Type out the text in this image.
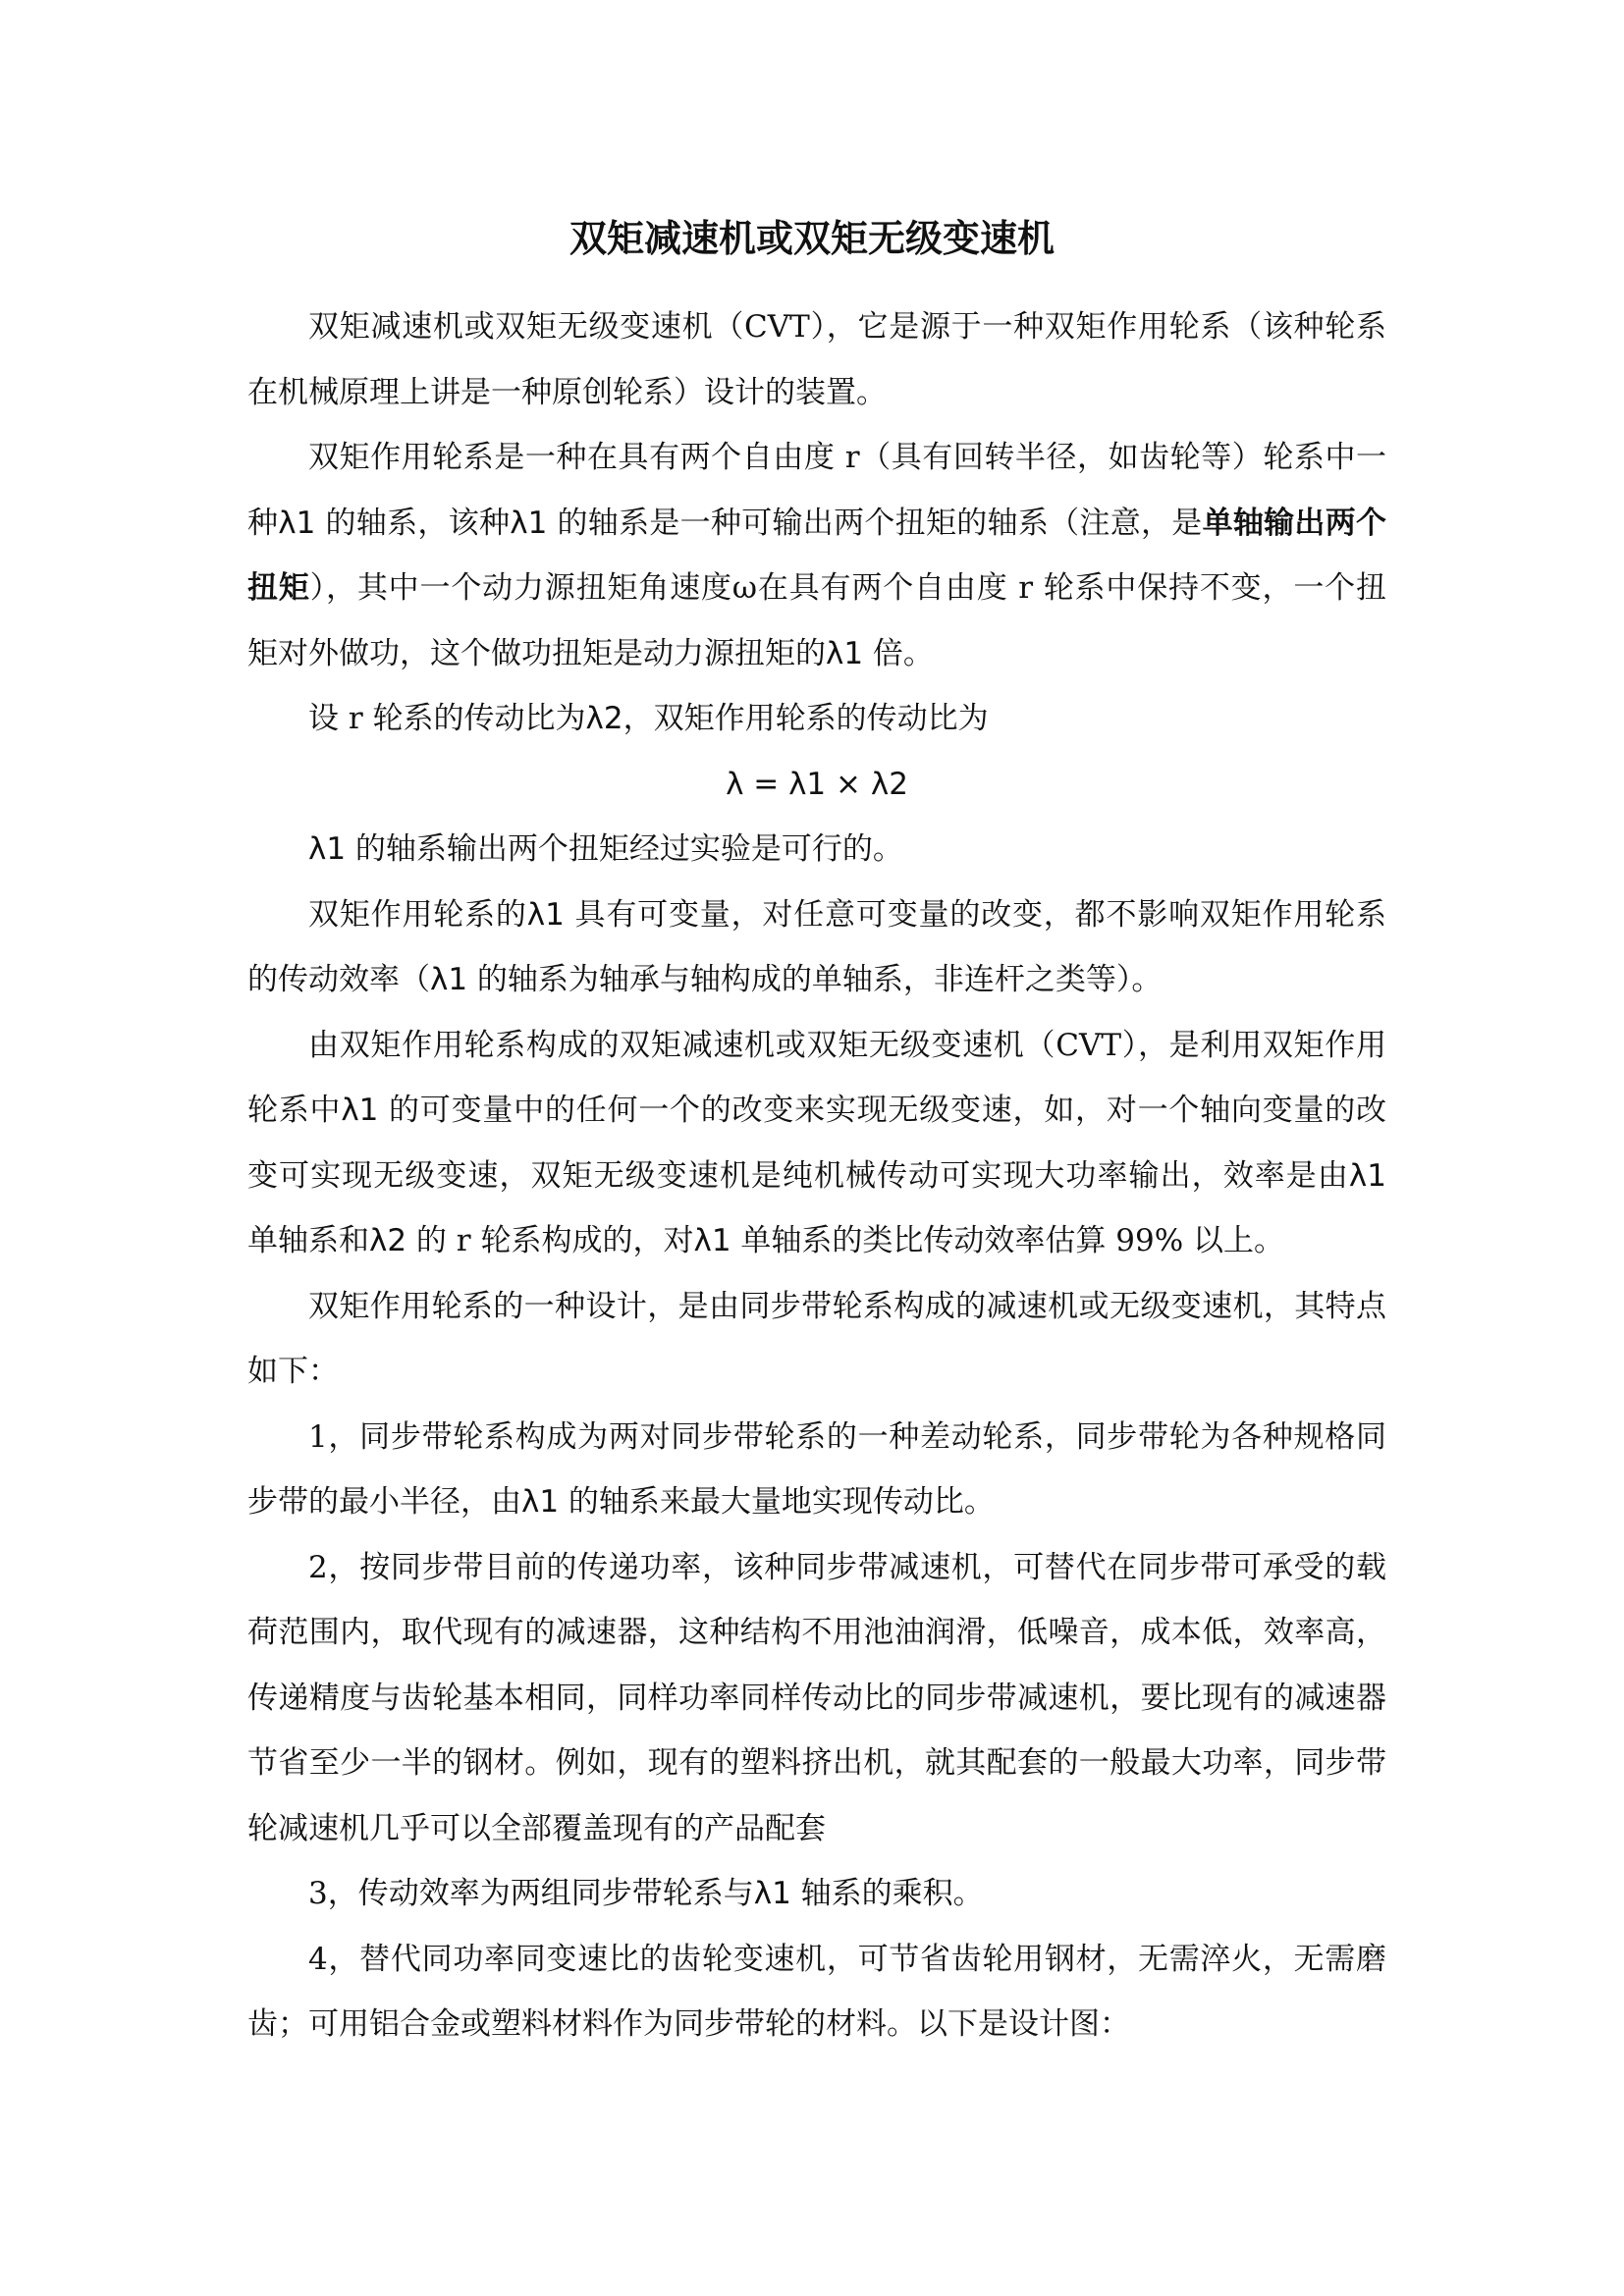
双矩减速机或双矩无级变速机

双矩减速机或双矩无级变速机（CVT），它是源于一种双矩作用轮系（该种轮系在机械原理上讲是一种原创轮系）设计的装置。

双矩作用轮系是一种在具有两个自由度 r（具有回转半径，如齿轮等）轮系中一种λ1 的轴系，该种λ1 的轴系是一种可输出两个扭矩的轴系（注意，是单轴输出两个扭矩），其中一个动力源扭矩角速度ω在具有两个自由度 r 轮系中保持不变，一个扭矩对外做功，这个做功扭矩是动力源扭矩的λ1 倍。

设 r 轮系的传动比为λ2，双矩作用轮系的传动比为

λ = λ1 × λ2

λ1 的轴系输出两个扭矩经过实验是可行的。

双矩作用轮系的λ1 具有可变量，对任意可变量的改变，都不影响双矩作用轮系的传动效率（λ1 的轴系为轴承与轴构成的单轴系，非连杆之类等）。

由双矩作用轮系构成的双矩减速机或双矩无级变速机（CVT），是利用双矩作用轮系中λ1 的可变量中的任何一个的改变来实现无级变速，如，对一个轴向变量的改变可实现无级变速，双矩无级变速机是纯机械传动可实现大功率输出，效率是由λ1 单轴系和λ2 的 r 轮系构成的，对λ1 单轴系的类比传动效率估算 99% 以上。

双矩作用轮系的一种设计，是由同步带轮系构成的减速机或无级变速机，其特点如下：

1，同步带轮系构成为两对同步带轮系的一种差动轮系，同步带轮为各种规格同步带的最小半径，由λ1 的轴系来最大量地实现传动比。

2，按同步带目前的传递功率，该种同步带减速机，可替代在同步带可承受的载荷范围内，取代现有的减速器，这种结构不用池油润滑，低噪音，成本低，效率高，传递精度与齿轮基本相同，同样功率同样传动比的同步带减速机，要比现有的减速器节省至少一半的钢材。例如，现有的塑料挤出机，就其配套的一般最大功率，同步带轮减速机几乎可以全部覆盖现有的产品配套

3，传动效率为两组同步带轮系与λ1 轴系的乘积。

4，替代同功率同变速比的齿轮变速机，可节省齿轮用钢材，无需淬火，无需磨齿；可用铝合金或塑料材料作为同步带轮的材料。以下是设计图：
